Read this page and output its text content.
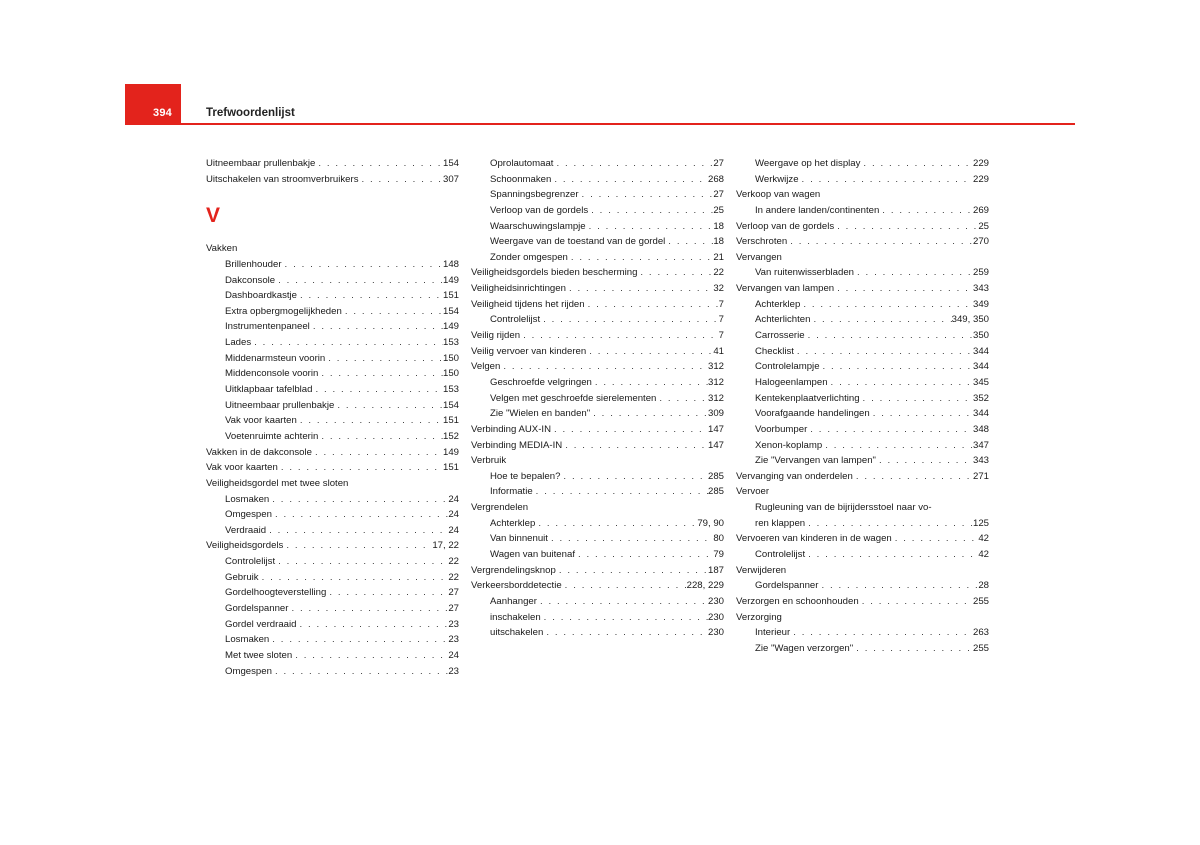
394	Trefwoordenlijst
Uitneembaar prullenbakje . . .	154
Uitschakelen van stroomverbruikers . . .	307
V
Vakken
Brillenhouder . . .	148
Dakconsole . . .	149
Dashboardkastje . . .	151
Extra opbergmogelijkheden . . .	154
Instrumentenpaneel . . .	149
Lades . . .	153
Middenarmsteun voorin . . .	150
Middenconsole voorin . . .	150
Uitklapbaar tafelblad . . .	153
Uitneembaar prullenbakje . . .	154
Vak voor kaarten . . .	151
Voetenruimte achterin . . .	152
Vakken in de dakconsole . . .	149
Vak voor kaarten . . .	151
Veiligheidsgordel met twee sloten
Losmaken . . .	24
Omgespen . . .	24
Verdraaid . . .	24
Veiligheidsgordels . . .	17, 22
Controlelijst . . .	22
Gebruik . . .	22
Gordelhoogteverstelling . . .	27
Gordelspanner . . .	27
Gordel verdraaid . . .	23
Losmaken . . .	23
Met twee sloten . . .	24
Omgespen . . .	23
Oprolautomaat . . .	27
Schoonmaken . . .	268
Spanningsbegrenzer . . .	27
Verloop van de gordels . . .	25
Waarschuwingslampje . . .	18
Weergave van de toestand van de gordel . . .	18
Zonder omgespen . . .	21
Veiligheidsgordels bieden bescherming . . .	22
Veiligheidsinrichtingen . . .	32
Veiligheid tijdens het rijden . . .	7
Controlelijst . . .	7
Veilig rijden . . .	7
Veilig vervoer van kinderen . . .	41
Velgen . . .	312
Geschroefde velgringen . . .	312
Velgen met geschroefde sierelementen . . .	312
Zie "Wielen en banden" . . .	309
Verbinding AUX-IN . . .	147
Verbinding MEDIA-IN . . .	147
Verbruik
Hoe te bepalen? . . .	285
Informatie . . .	285
Vergrendelen
Achterklep . . .	79, 90
Van binnenuit . . .	80
Wagen van buitenaf . . .	79
Vergrendelingsknop . . .	187
Verkeersborddetectie . . .	228, 229
Aanhanger . . .	230
inschakelen . . .	230
uitschakelen . . .	230
Weergave op het display . . .	229
Werkwijze . . .	229
Verkoop van wagen
In andere landen/continenten . . .	269
Verloop van de gordels . . .	25
Verschroten . . .	270
Vervangen
Van ruitenwisserbladen . . .	259
Vervangen van lampen . . .	343
Achterklep . . .	349
Achterlichten . . .	349, 350
Carrosserie . . .	350
Checklist . . .	344
Controlelampje . . .	344
Halogeenlampen . . .	345
Kentekenplaatverlichting . . .	352
Voorafgaande handelingen . . .	344
Voorbumper . . .	348
Xenon-koplamp . . .	347
Zie "Vervangen van lampen" . . .	343
Vervanging van onderdelen . . .	271
Vervoer
Rugleuning van de bijrijdersstoel naar vo-
ren klappen . . .	125
Vervoeren van kinderen in de wagen . . .	42
Controlelijst . . .	42
Verwijderen
Gordelspanner . . .	28
Verzorgen en schoonhouden . . .	255
Verzorging
Interieur . . .	263
Zie "Wagen verzorgen" . . .	255
